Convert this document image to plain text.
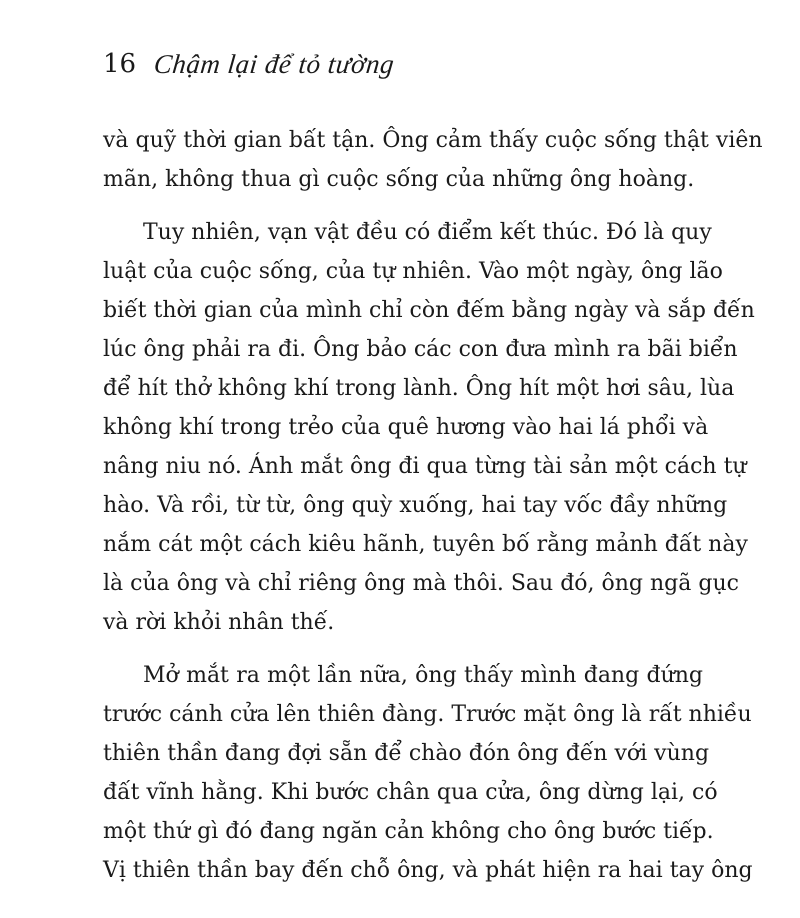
16 Chậm lại để tỏ tường
và quỹ thời gian bất tận. Ông cảm thấy cuộc sống thật viên
mãn, không thua gì cuộc sống của những ông hoàng.
Tuy nhiên, vạn vật đều có điểm kết thúc. Đó là quy
luật của cuộc sống, của tự nhiên. Vào một ngày, ông lão
biết thời gian của mình chỉ còn đếm bằng ngày và sắp đến
lúc ông phải ra đi. Ông bảo các con đưa mình ra bãi biển
để hít thở không khí trong lành. Ông hít một hơi sâu, lùa
không khí trong trẻo của quê hương vào hai lá phổi và
nâng niu nó. Ánh mắt ông đi qua từng tài sản một cách tự
hào. Và rồi, từ từ, ông quỳ xuống, hai tay vốc đầy những
nắm cát một cách kiêu hãnh, tuyên bố rằng mảnh đất này
là của ông và chỉ riêng ông mà thôi. Sau đó, ông ngã gục
và rời khỏi nhân thế.
Mở mắt ra một lần nữa, ông thấy mình đang đứng
trước cánh cửa lên thiên đàng. Trước mặt ông là rất nhiều
thiên thần đang đợi sẵn để chào đón ông đến với vùng
đất vĩnh hằng. Khi bước chân qua cửa, ông dừng lại, có
một thứ gì đó đang ngăn cản không cho ông bước tiếp.
Vị thiên thần bay đến chỗ ông, và phát hiện ra hai tay ông
